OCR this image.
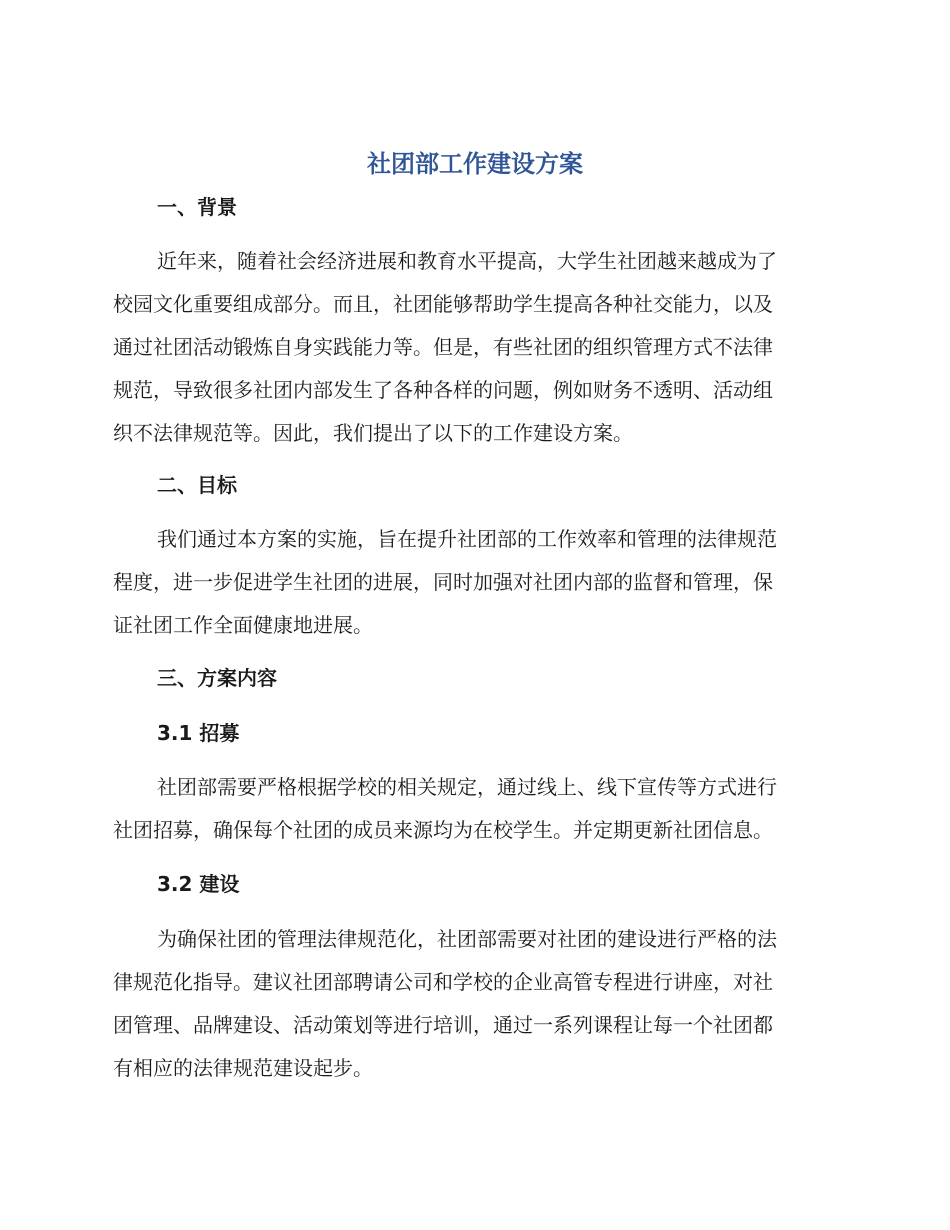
社团部工作建设方案
一、背景
近年来，随着社会经济进展和教育水平提高，大学生社团越来越成为了
校园文化重要组成部分。而且，社团能够帮助学生提高各种社交能力，以及
通过社团活动锻炼自身实践能力等。但是，有些社团的组织管理方式不法律
规范，导致很多社团内部发生了各种各样的问题，例如财务不透明、活动组
织不法律规范等。因此，我们提出了以下的工作建设方案。
二、目标
我们通过本方案的实施，旨在提升社团部的工作效率和管理的法律规范
程度，进一步促进学生社团的进展，同时加强对社团内部的监督和管理，保
证社团工作全面健康地进展。
三、方案内容
3.1 招募
社团部需要严格根据学校的相关规定，通过线上、线下宣传等方式进行
社团招募，确保每个社团的成员来源均为在校学生。并定期更新社团信息。
3.2 建设
为确保社团的管理法律规范化，社团部需要对社团的建设进行严格的法
律规范化指导。建议社团部聘请公司和学校的企业高管专程进行讲座，对社
团管理、品牌建设、活动策划等进行培训，通过一系列课程让每一个社团都
有相应的法律规范建设起步。
